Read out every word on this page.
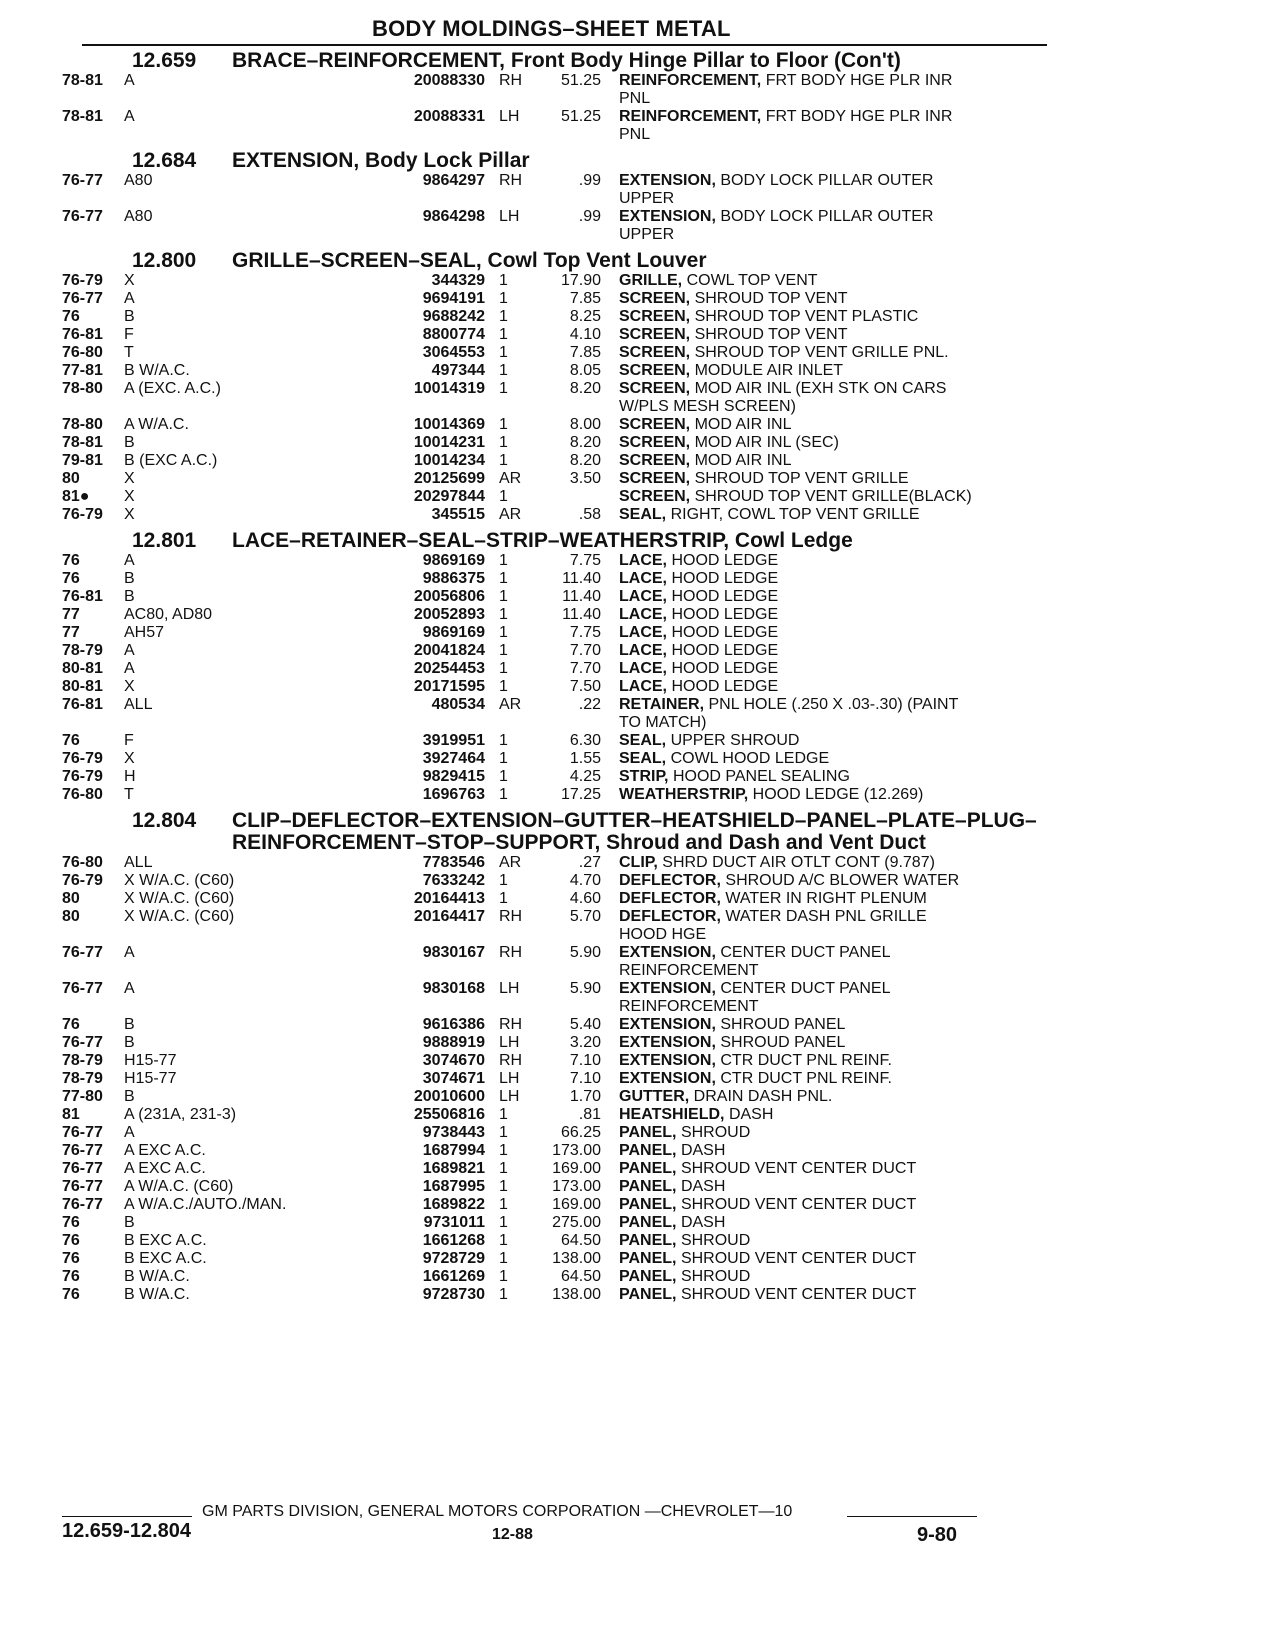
BODY MOLDINGS–SHEET METAL
12.659	BRACE–REINFORCEMENT, Front Body Hinge Pillar to Floor (Con't)
78-81	A	20088330 RH	51.25 REINFORCEMENT, FRT BODY HGE PLR INR PNL
78-81	A	20088331 LH	51.25 REINFORCEMENT, FRT BODY HGE PLR INR PNL
12.684	EXTENSION, Body Lock Pillar
76-77	A80	9864297 RH	.99 EXTENSION, BODY LOCK PILLAR OUTER UPPER
76-77	A80	9864298 LH	.99 EXTENSION, BODY LOCK PILLAR OUTER UPPER
12.800	GRILLE–SCREEN–SEAL, Cowl Top Vent Louver
76-79	X	344329 1	17.90 GRILLE, COWL TOP VENT
76-77	A	9694191 1	7.85 SCREEN, SHROUD TOP VENT
76	B	9688242 1	8.25 SCREEN, SHROUD TOP VENT PLASTIC
76-81	F	8800774 1	4.10 SCREEN, SHROUD TOP VENT
76-80	T	3064553 1	7.85 SCREEN, SHROUD TOP VENT GRILLE PNL.
77-81	B W/A.C.	497344 1	8.05 SCREEN, MODULE AIR INLET
78-80	A (EXC. A.C.)	10014319 1	8.20 SCREEN, MOD AIR INL (EXH STK ON CARS W/PLS MESH SCREEN)
78-80	A W/A.C.	10014369 1	8.00 SCREEN, MOD AIR INL
78-81	B	10014231 1	8.20 SCREEN, MOD AIR INL (SEC)
79-81	B (EXC A.C.)	10014234 1	8.20 SCREEN, MOD AIR INL
80	X	20125699 AR	3.50 SCREEN, SHROUD TOP VENT GRILLE
81●	X	20297844 1	SCREEN, SHROUD TOP VENT GRILLE(BLACK)
76-79	X	345515 AR	.58 SEAL, RIGHT, COWL TOP VENT GRILLE
12.801	LACE–RETAINER–SEAL–STRIP–WEATHERSTRIP, Cowl Ledge
76	A	9869169 1	7.75 LACE, HOOD LEDGE
76	B	9886375 1	11.40 LACE, HOOD LEDGE
76-81	B	20056806 1	11.40 LACE, HOOD LEDGE
77	AC80, AD80	20052893 1	11.40 LACE, HOOD LEDGE
77	AH57	9869169 1	7.75 LACE, HOOD LEDGE
78-79	A	20041824 1	7.70 LACE, HOOD LEDGE
80-81	A	20254453 1	7.70 LACE, HOOD LEDGE
80-81	X	20171595 1	7.50 LACE, HOOD LEDGE
76-81	ALL	480534 AR	.22 RETAINER, PNL HOLE (.250 X .03-.30) (PAINT TO MATCH)
76	F	3919951 1	6.30 SEAL, UPPER SHROUD
76-79	X	3927464 1	1.55 SEAL, COWL HOOD LEDGE
76-79	H	9829415 1	4.25 STRIP, HOOD PANEL SEALING
76-80	T	1696763 1	17.25 WEATHERSTRIP, HOOD LEDGE (12.269)
12.804	CLIP–DEFLECTOR–EXTENSION–GUTTER–HEATSHIELD–PANEL–PLATE–PLUG–REINFORCEMENT–STOP–SUPPORT, Shroud and Dash and Vent Duct
76-80	ALL	7783546 AR	.27 CLIP, SHRD DUCT AIR OTLT CONT (9.787)
76-79	X W/A.C. (C60)	7633242 1	4.70 DEFLECTOR, SHROUD A/C BLOWER WATER
80	X W/A.C. (C60)	20164413 1	4.60 DEFLECTOR, WATER IN RIGHT PLENUM
80	X W/A.C. (C60)	20164417 RH	5.70 DEFLECTOR, WATER DASH PNL GRILLE HOOD HGE
76-77	A	9830167 RH	5.90 EXTENSION, CENTER DUCT PANEL REINFORCEMENT
76-77	A	9830168 LH	5.90 EXTENSION, CENTER DUCT PANEL REINFORCEMENT
76	B	9616386 RH	5.40 EXTENSION, SHROUD PANEL
76-77	B	9888919 LH	3.20 EXTENSION, SHROUD PANEL
78-79	H15-77	3074670 RH	7.10 EXTENSION, CTR DUCT PNL REINF.
78-79	H15-77	3074671 LH	7.10 EXTENSION, CTR DUCT PNL REINF.
77-80	B	20010600 LH	1.70 GUTTER, DRAIN DASH PNL.
81	A (231A, 231-3)	25506816 1	.81 HEATSHIELD, DASH
76-77	A	9738443 1	66.25 PANEL, SHROUD
76-77	A EXC A.C.	1687994 1	173.00 PANEL, DASH
76-77	A EXC A.C.	1689821 1	169.00 PANEL, SHROUD VENT CENTER DUCT
76-77	A W/A.C. (C60)	1687995 1	173.00 PANEL, DASH
76-77	A W/A.C./AUTO./MAN.	1689822 1	169.00 PANEL, SHROUD VENT CENTER DUCT
76	B	9731011 1	275.00 PANEL, DASH
76	B EXC A.C.	1661268 1	64.50 PANEL, SHROUD
76	B EXC A.C.	9728729 1	138.00 PANEL, SHROUD VENT CENTER DUCT
76	B W/A.C.	1661269 1	64.50 PANEL, SHROUD
76	B W/A.C.	9728730 1	138.00 PANEL, SHROUD VENT CENTER DUCT
GM PARTS DIVISION, GENERAL MOTORS CORPORATION —CHEVROLET—10
12.659-12.804	12-88	9-80
